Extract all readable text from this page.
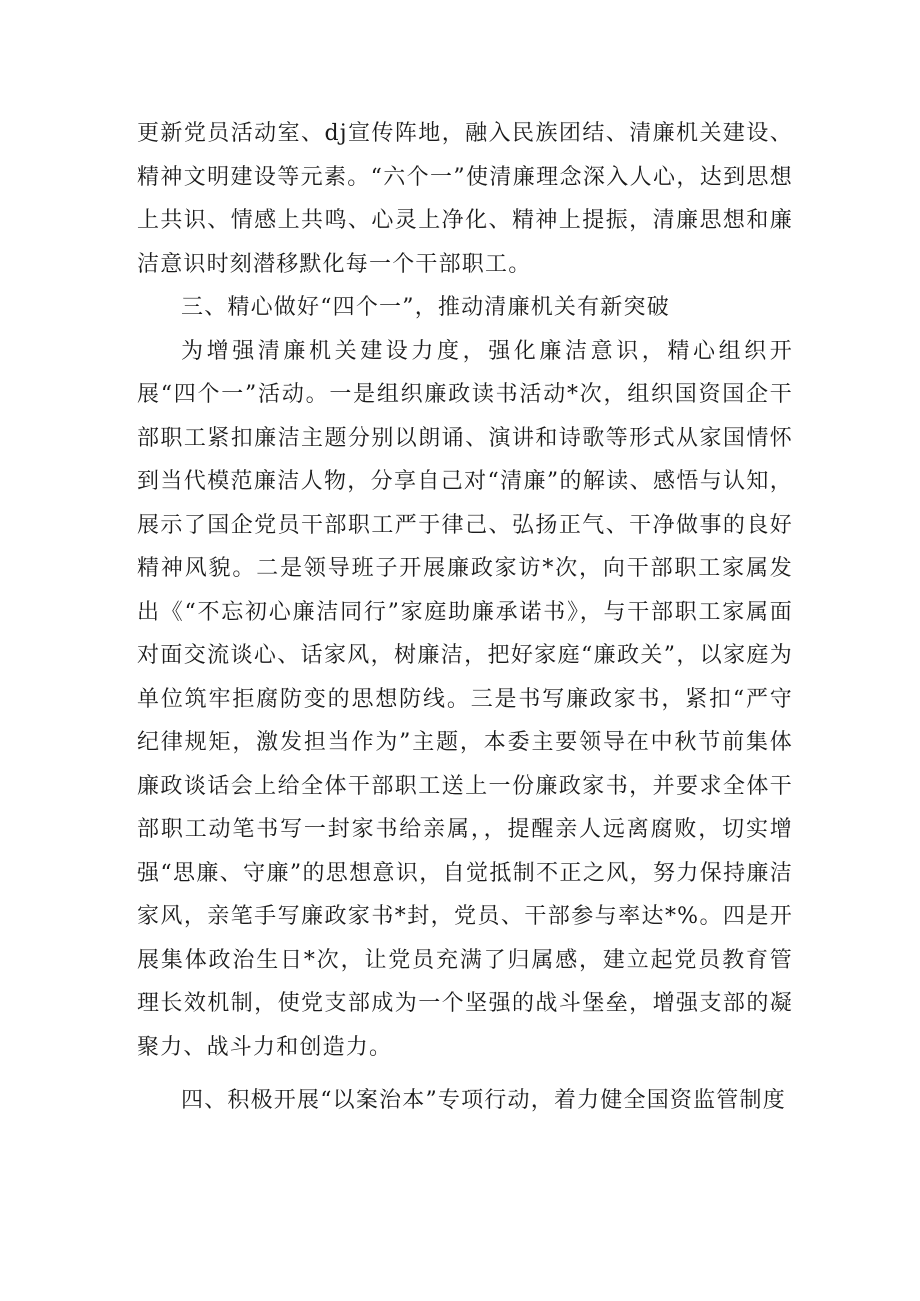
更新党员活动室、dj宣传阵地，融入民族团结、清廉机关建设、精神文明建设等元素。“六个一”使清廉理念深入人心，达到思想上共识、情感上共鸣、心灵上净化、精神上提振，清廉思想和廉洁意识时刻潜移默化每一个干部职工。

三、精心做好“四个一”，推动清廉机关有新突破

为增强清廉机关建设力度，强化廉洁意识，精心组织开展“四个一”活动。一是组织廉政读书活动*次，组织国资国企干部职工紧扣廉洁主题分别以朗诵、演讲和诗歌等形式从家国情怀到当代模范廉洁人物，分享自己对“清廉”的解读、感悟与认知，展示了国企党员干部职工严于律己、弘扬正气、干净做事的良好精神风貌。二是领导班子开展廉政家访*次，向干部职工家属发出《“不忘初心廉洁同行”家庭助廉承诺书》，与干部职工家属面对面交流谈心、话家风，树廉洁，把好家庭“廉政关”，以家庭为单位筑牢拒腐防变的思想防线。三是书写廉政家书，紧扣“严守纪律规矩，激发担当作为”主题，本委主要领导在中秋节前集体廉政谈话会上给全体干部职工送上一份廉政家书，并要求全体干部职工动笔书写一封家书给亲属，，提醒亲人远离腐败，切实增强“思廉、守廉”的思想意识，自觉抵制不正之风，努力保持廉洁家风，亲笔手写廉政家书*封，党员、干部参与率达*%。四是开展集体政治生日*次，让党员充满了归属感，建立起党员教育管理长效机制，使党支部成为一个坚强的战斗堡垒，增强支部的凝聚力、战斗力和创造力。

四、积极开展“以案治本”专项行动，着力健全国资监管制度
